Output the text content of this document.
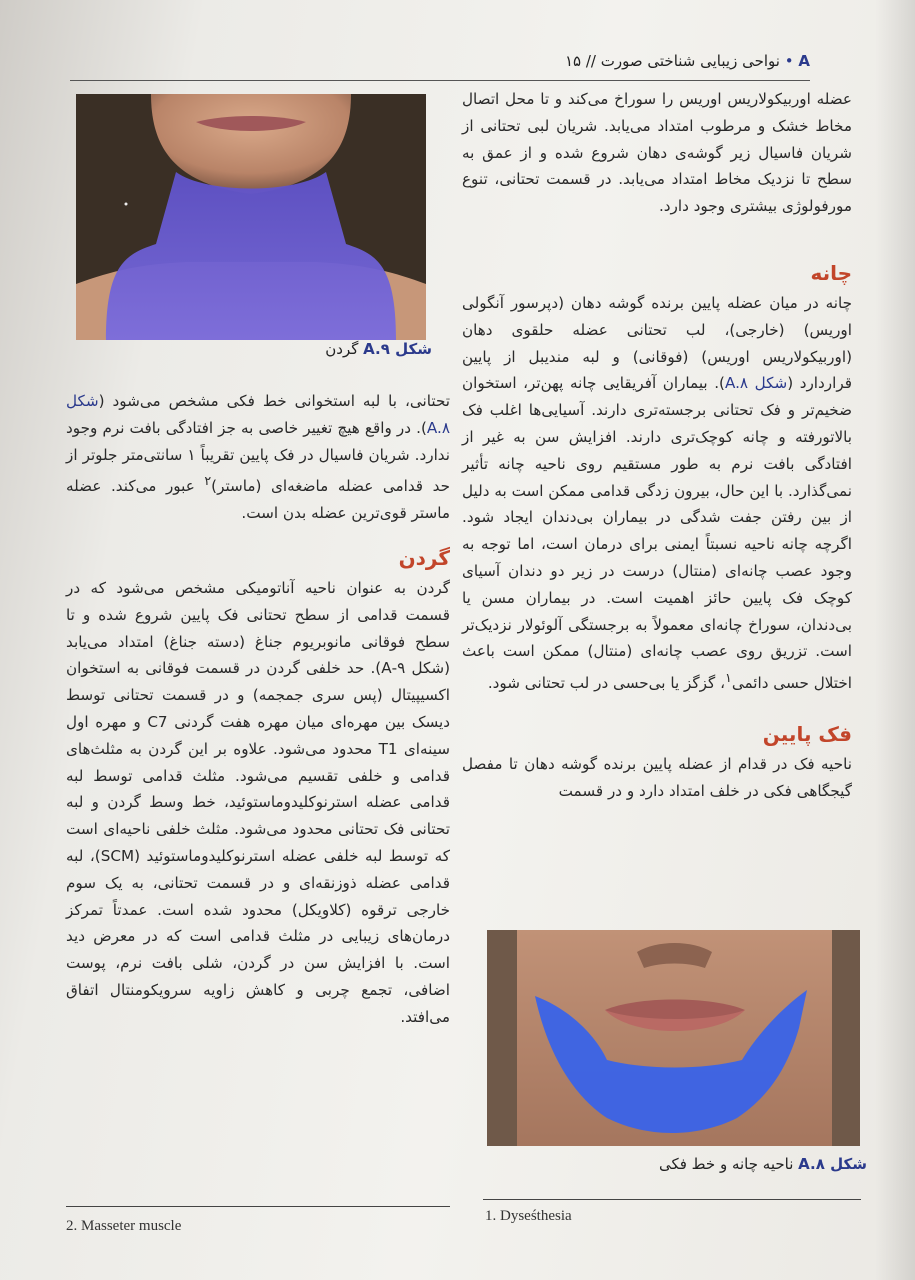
A • نواحی زیبایی شناختی صورت // ۱۵
شکل A.۹ گردن

عضله اوربیکولاریس اوریس را سوراخ می‌کند و تا محل اتصال مخاط خشک و مرطوب امتداد می‌یابد. شریان لبی تحتانی از شریان فاسیال زیر گوشه‌ی دهان شروع شده و از عمق به سطح تا نزدیک مخاط امتداد می‌یابد. در قسمت تحتانی، تنوع مورفولوژی بیشتری وجود دارد.

چانه

چانه در میان عضله پایین برنده گوشه دهان (دپرسور آنگولی اوریس) (خارجی)، لب تحتانی عضله حلقوی دهان (اوربیکولاریس اوریس) (فوقانی) و لبه مندیبل از پایین قراردارد (شکل A.۸). بیماران آفریقایی چانه پهن‌تر، استخوان ضخیم‌تر و فک تحتانی برجسته‌تری دارند. آسیایی‌ها اغلب فک بالاتورفته و چانه کوچک‌تری دارند. افزایش سن به غیر از افتادگی بافت نرم به طور مستقیم روی ناحیه چانه تأثیر نمی‌گذارد. با این حال، بیرون زدگی قدامی ممکن است به دلیل از بین رفتن جفت شدگی در بیماران بی‌دندان ایجاد شود. اگرچه چانه ناحیه نسبتاً ایمنی برای درمان است، اما توجه به وجود عصب چانه‌ای (منتال) درست در زیر دو دندان آسیای کوچک فک پایین حائز اهمیت است. در بیماران مسن یا بی‌دندان، سوراخ چانه‌ای معمولاً به برجستگی آلوئولار نزدیک‌تر است. تزریق روی عصب چانه‌ای (منتال) ممکن است باعث اختلال حسی دائمی$^۱$، گزگز یا بی‌حسی در لب تحتانی شود.

فک پایین

ناحیه فک در قدام از عضله پایین برنده گوشه دهان تا مفصل گیجگاهی فکی در خلف امتداد دارد و در قسمت

تحتانی، با لبه استخوانی خط فکی مشخص می‌شود (شکل A.۸). در واقع هیچ تغییر خاصی به جز افتادگی بافت نرم وجود ندارد. شریان فاسیال در فک پایین تقریباً ۱ سانتی‌متر جلوتر از حد قدامی عضله ماضغه‌ای (ماستر)$^۲$ عبور می‌کند. عضله ماستر قوی‌ترین عضله بدن است.

گردن

گردن به عنوان ناحیه آناتومیکی مشخص می‌شود که در قسمت قدامی از سطح تحتانی فک پایین شروع شده و تا سطح فوقانی مانوبریوم جناغ (دسته جناغ) امتداد می‌یابد (شکل ۹-A). حد خلفی گردن در قسمت فوقانی به استخوان اکسیپیتال (پس سری جمجمه) و در قسمت تحتانی توسط دیسک بین مهره‌ای میان مهره هفت گردنی C7 و مهره اول سینه‌ای T1 محدود می‌شود. علاوه بر این گردن به مثلث‌های قدامی و خلفی تقسیم می‌شود. مثلث قدامی توسط لبه قدامی عضله استرنوکلیدوماستوئید، خط وسط گردن و لبه تحتانی فک تحتانی محدود می‌شود. مثلث خلفی ناحیه‌ای است که توسط لبه خلفی عضله استرنوکلیدوماستوئید (SCM)، لبه قدامی عضله ذوزنقه‌ای و در قسمت تحتانی، به یک سوم خارجی ترقوه (کلاویکل) محدود شده است. عمدتاً تمرکز درمان‌های زیبایی در مثلث قدامی است که در معرض دید است. با افزایش سن در گردن، شلی بافت نرم، پوست اضافی، تجمع چربی و کاهش زاویه سرویکومنتال اتفاق می‌افتد.

شکل A.۸ ناحیه چانه و خط فکی
2. Masseter muscle
1. Dyseśthesia
